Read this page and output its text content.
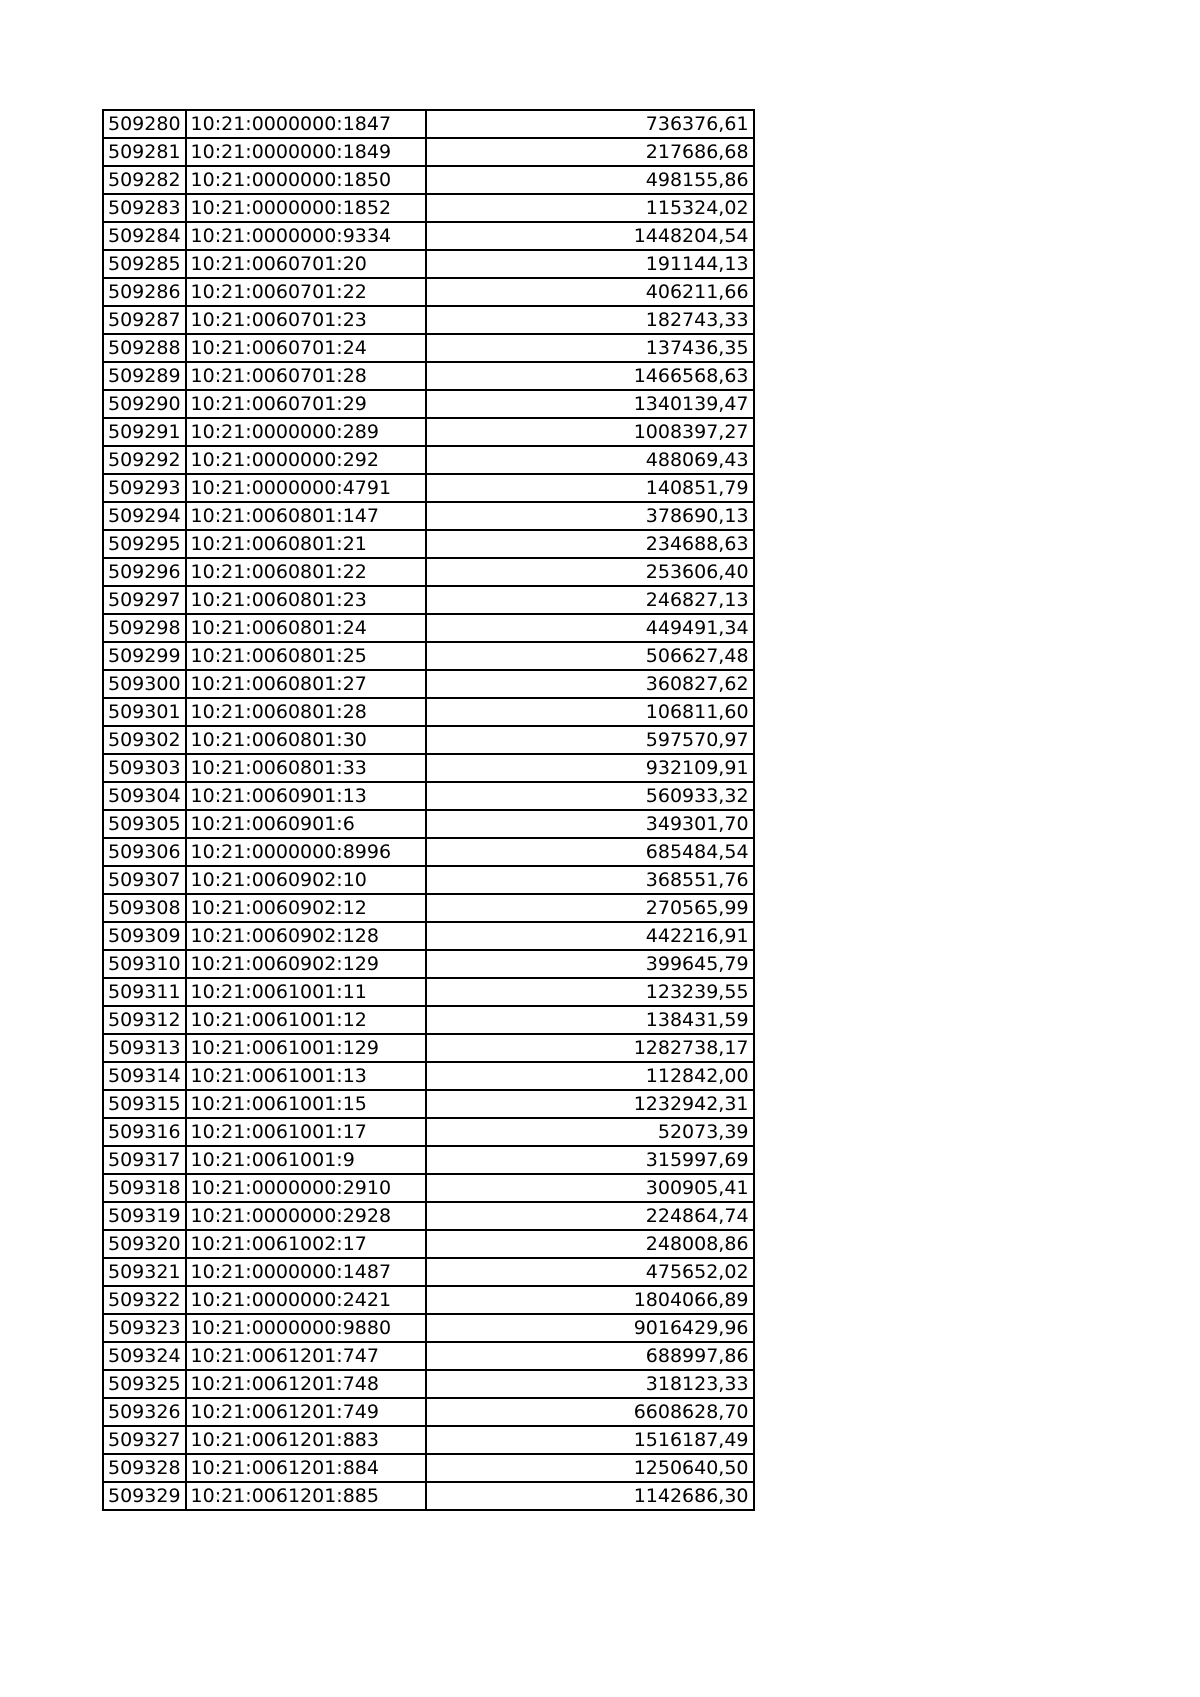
509280	10:21:0000000:1847	736376,61
509281	10:21:0000000:1849	217686,68
509282	10:21:0000000:1850	498155,86
509283	10:21:0000000:1852	115324,02
509284	10:21:0000000:9334	1448204,54
509285	10:21:0060701:20	191144,13
509286	10:21:0060701:22	406211,66
509287	10:21:0060701:23	182743,33
509288	10:21:0060701:24	137436,35
509289	10:21:0060701:28	1466568,63
509290	10:21:0060701:29	1340139,47
509291	10:21:0000000:289	1008397,27
509292	10:21:0000000:292	488069,43
509293	10:21:0000000:4791	140851,79
509294	10:21:0060801:147	378690,13
509295	10:21:0060801:21	234688,63
509296	10:21:0060801:22	253606,40
509297	10:21:0060801:23	246827,13
509298	10:21:0060801:24	449491,34
509299	10:21:0060801:25	506627,48
509300	10:21:0060801:27	360827,62
509301	10:21:0060801:28	106811,60
509302	10:21:0060801:30	597570,97
509303	10:21:0060801:33	932109,91
509304	10:21:0060901:13	560933,32
509305	10:21:0060901:6	349301,70
509306	10:21:0000000:8996	685484,54
509307	10:21:0060902:10	368551,76
509308	10:21:0060902:12	270565,99
509309	10:21:0060902:128	442216,91
509310	10:21:0060902:129	399645,79
509311	10:21:0061001:11	123239,55
509312	10:21:0061001:12	138431,59
509313	10:21:0061001:129	1282738,17
509314	10:21:0061001:13	112842,00
509315	10:21:0061001:15	1232942,31
509316	10:21:0061001:17	52073,39
509317	10:21:0061001:9	315997,69
509318	10:21:0000000:2910	300905,41
509319	10:21:0000000:2928	224864,74
509320	10:21:0061002:17	248008,86
509321	10:21:0000000:1487	475652,02
509322	10:21:0000000:2421	1804066,89
509323	10:21:0000000:9880	9016429,96
509324	10:21:0061201:747	688997,86
509325	10:21:0061201:748	318123,33
509326	10:21:0061201:749	6608628,70
509327	10:21:0061201:883	1516187,49
509328	10:21:0061201:884	1250640,50
509329	10:21:0061201:885	1142686,30
